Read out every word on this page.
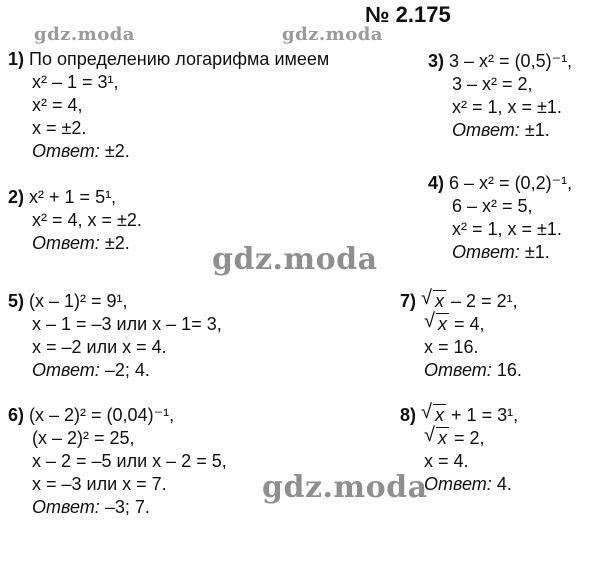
№ 2.175
gdz.moda	gdz.moda
gdz.moda
gdz.moda
1) По определению логарифма имеем
x² – 1 = 3¹,
x² = 4,
x = ±2.
Ответ: ±2.
2) x² + 1 = 5¹,
x² = 4, x = ±2.
Ответ: ±2.
3) 3 – x² = (0,5)⁻¹,
3 – x² = 2,
x² = 1, x = ±1.
Ответ: ±1.
4) 6 – x² = (0,2)⁻¹,
6 – x² = 5,
x² = 1, x = ±1.
Ответ: ±1.
5) (x – 1)² = 9¹,
x – 1 = –3 или x – 1= 3,
x = –2 или x = 4.
Ответ: –2; 4.
6) (x – 2)² = (0,04)⁻¹,
(x – 2)² = 25,
x – 2 = –5 или x – 2 = 5,
x = –3 или x = 7.
Ответ: –3; 7.
7) √ x – 2 = 2¹,
√ x = 4,
x = 16.
Ответ: 16.
8) √ x + 1 = 3¹,
√ x = 2,
x = 4.
Ответ: 4.
